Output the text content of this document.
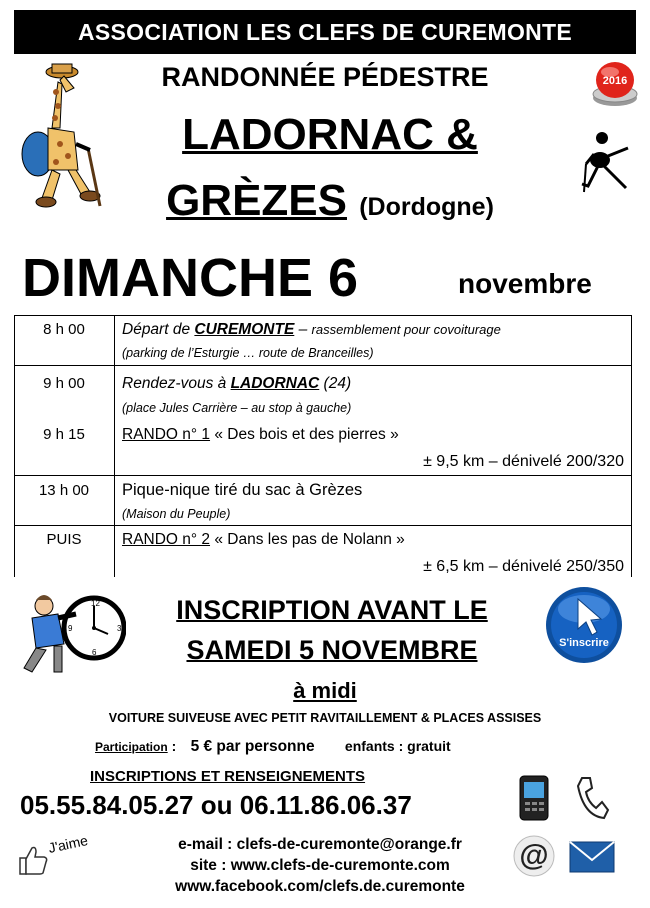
ASSOCIATION LES CLEFS DE CUREMONTE
RANDONNÉE PÉDESTRE
LADORNAC &
GRÈZES (Dordogne)
2016
DIMANCHE 6	novembre
8 h 00	Départ de CUREMONTE – rassemblement pour covoiturage
(parking de l’Esturgie … route de Branceilles)
9 h 00	Rendez-vous à LADORNAC (24)
(place Jules Carrière – au stop à gauche)
9 h 15	RANDO n° 1 « Des bois et des pierres »
± 9,5 km – dénivelé 200/320
13 h 00	Pique-nique tiré du sac à Grèzes
(Maison du Peuple)
PUIS	RANDO n° 2 « Dans les pas de Nolann »
± 6,5 km – dénivelé 250/350
12
3
6
9
INSCRIPTION AVANT LE
SAMEDI 5 NOVEMBRE	S'inscrire
à midi
VOITURE SUIVEUSE AVEC PETIT RAVITAILLEMENT & PLACES ASSISES
Participation : 5 € par personne enfants : gratuit
INSCRIPTIONS ET RENSEIGNEMENTS
05.55.84.05.27 ou 06.11.86.06.37
@
e-mail : clefs-de-curemonte@orange.fr
site : www.clefs-de-curemonte.com
www.facebook.com/clefs.de.curemonte
J'aime
